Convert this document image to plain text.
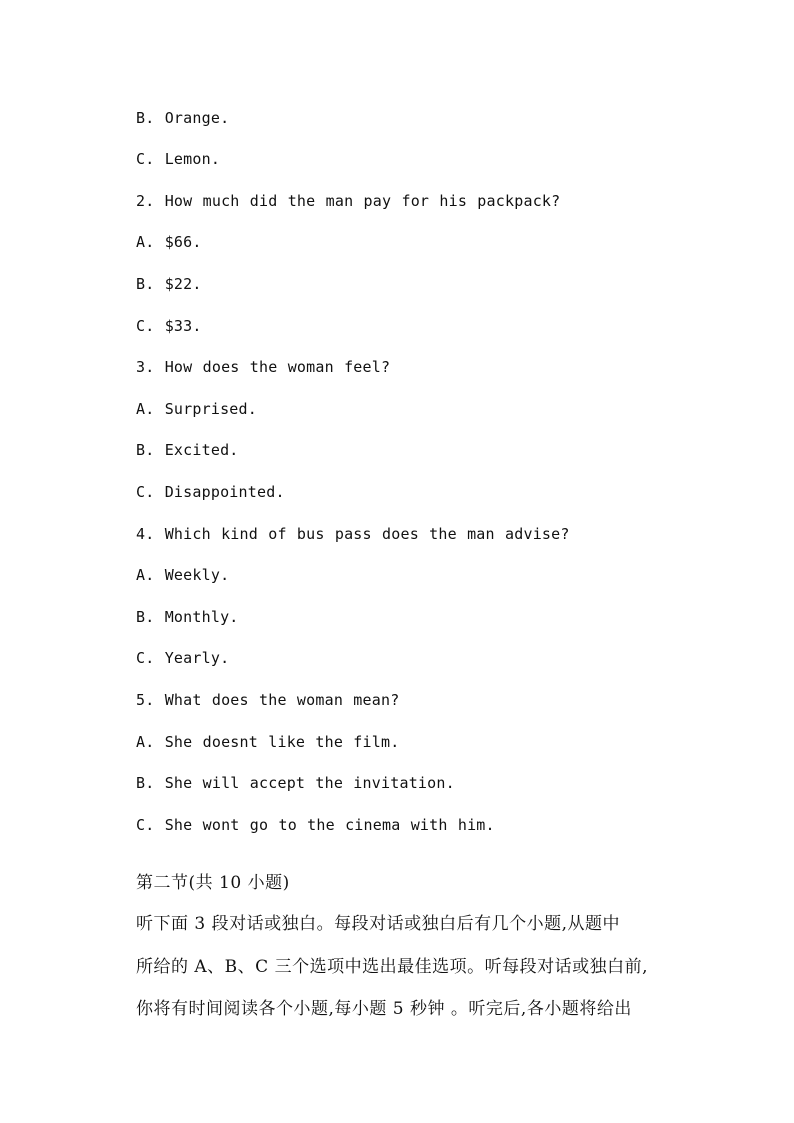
B. Orange.

C. Lemon.

2. How much did the man pay for his packpack?

A. $66.

B. $22.

C. $33.

3. How does the woman feel?

A. Surprised.

B. Excited.

C. Disappointed.

4. Which kind of bus pass does the man advise?

A. Weekly.

B. Monthly.

C. Yearly.

5. What does the woman mean?

A. She doesnt like the film.

B. She will accept the invitation.

C. She wont go to the cinema with him.

第二节(共 10 小题)

听下面 3 段对话或独白。每段对话或独白后有几个小题,从题中

所给的 A、B、C 三个选项中选出最佳选项。听每段对话或独白前,

你将有时间阅读各个小题,每小题 5 秒钟 。听完后,各小题将给出
